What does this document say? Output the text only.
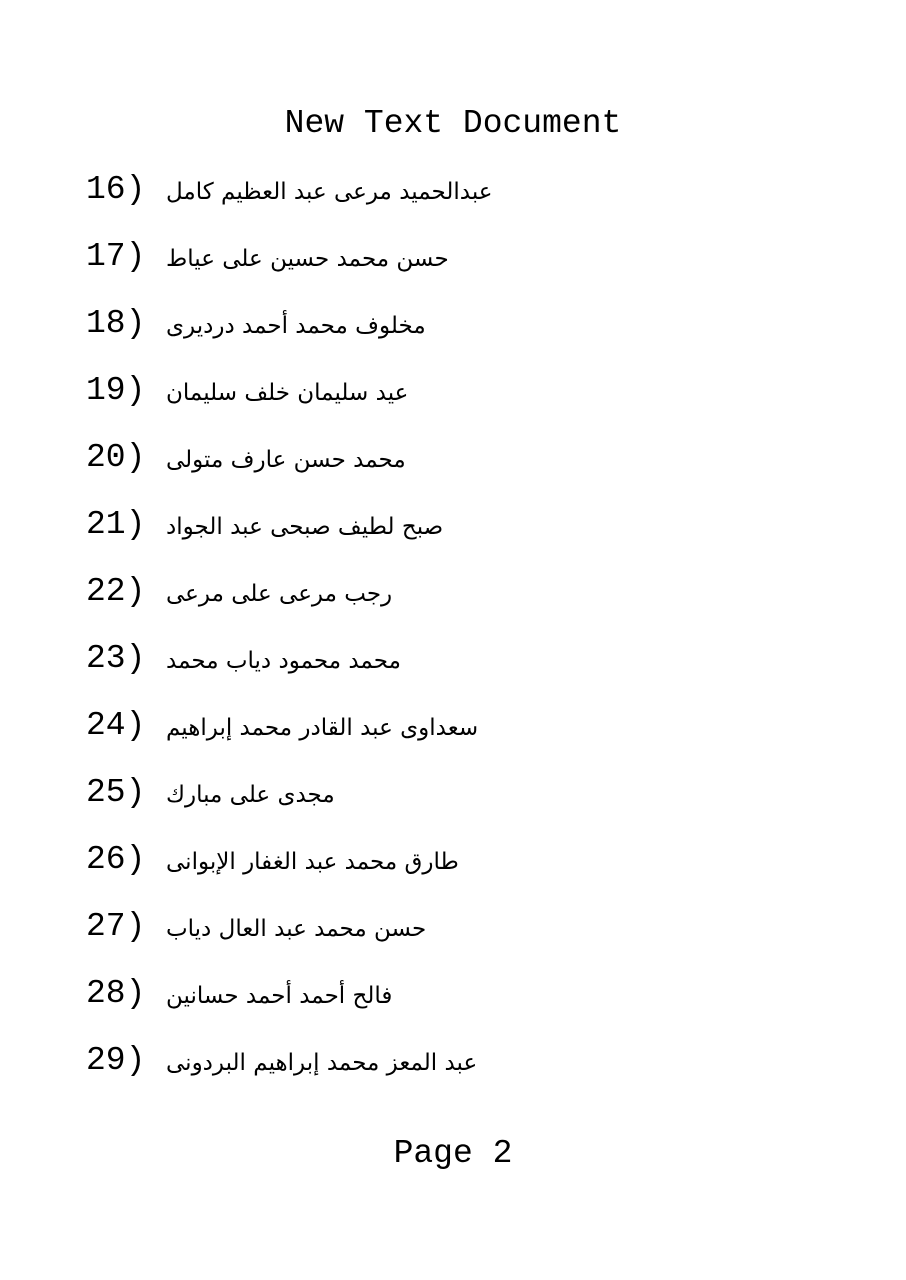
New Text Document
16) عبدالحميد مرعى عبد العظيم كامل
17) حسن محمد حسين على عياط
18) مخلوف محمد أحمد درديرى
19) عيد سليمان خلف سليمان
20) محمد حسن عارف متولى
21) صبح لطيف صبحى عبد الجواد
22) رجب مرعى على مرعى
23) محمد محمود دياب محمد
24) سعداوى عبد القادر محمد إبراهيم
25) مجدى على مبارك
26) طارق محمد عبد الغفار الإبوانى
27) حسن محمد عبد العال دياب
28) فالح أحمد أحمد حسانين
29) عبد المعز محمد إبراهيم البردونى
Page 2
